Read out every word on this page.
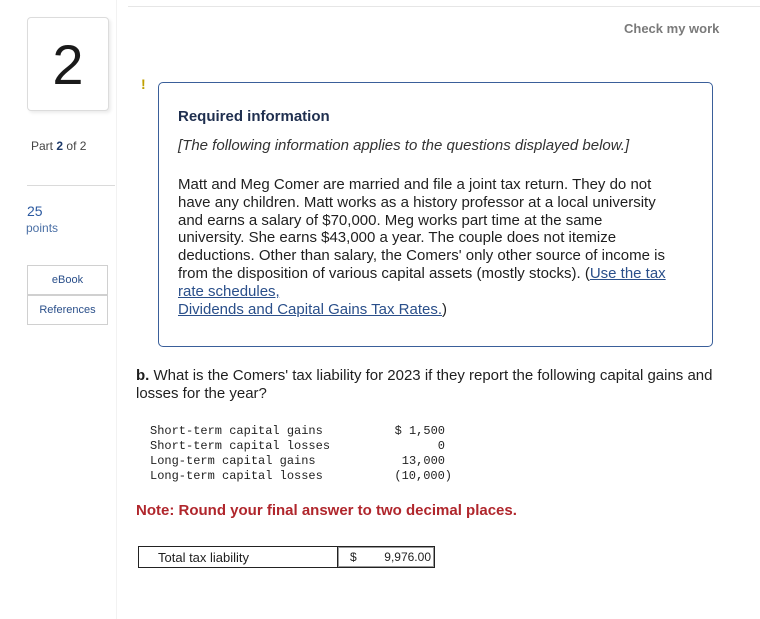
2
Part 2 of 2
25
points
eBook
References
Check my work
!
Required information
[The following information applies to the questions displayed below.]
Matt and Meg Comer are married and file a joint tax return. They do not have any children. Matt works as a history professor at a local university and earns a salary of $70,000. Meg works part time at the same university. She earns $43,000 a year. The couple does not itemize deductions. Other than salary, the Comers' only other source of income is from the disposition of various capital assets (mostly stocks). (Use the tax rate schedules,
Dividends and Capital Gains Tax Rates.)
b. What is the Comers' tax liability for 2023 if they report the following capital gains and losses for the year?
Short-term capital gains	$ 1,500
Short-term capital losses	0
Long-term capital gains	13,000
Long-term capital losses	(10,000)
Note: Round your final answer to two decimal places.
Total tax liability	$	9,976.00
